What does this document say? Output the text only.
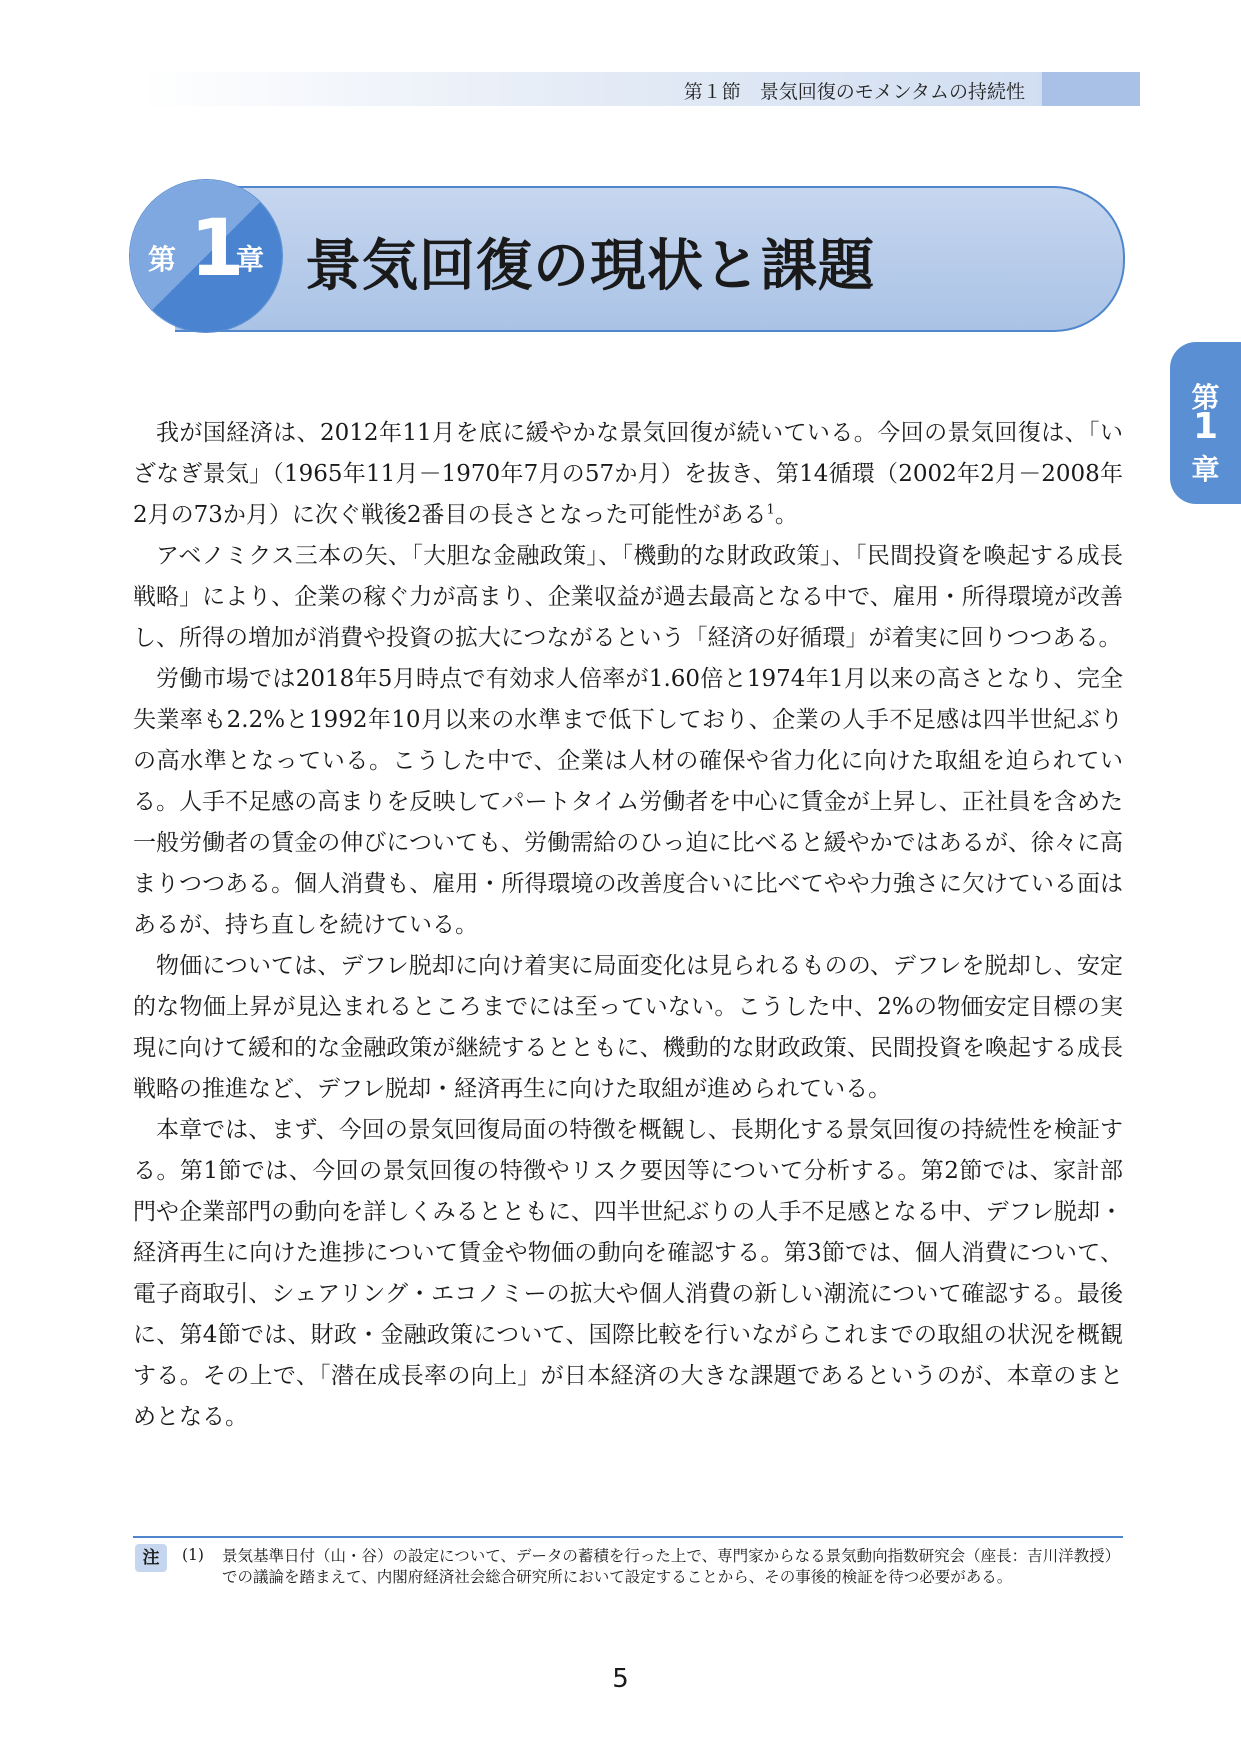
第１節　景気回復のモメンタムの持続性
第 1
章 景気回復の現状と課題
第
1
章

我が国経済は、2012年11月を底に緩やかな景気回復が続いている。今回の景気回復は、「いざなぎ景気」（1965年11月－1970年7月の57か月）を抜き、第14循環（2002年2月－2008年2月の73か月）に次ぐ戦後2番目の長さとなった可能性がある$^1$。

アベノミクス三本の矢、「大胆な金融政策」、「機動的な財政政策」、「民間投資を喚起する成長戦略」により、企業の稼ぐ力が高まり、企業収益が過去最高となる中で、雇用・所得環境が改善し、所得の増加が消費や投資の拡大につながるという「経済の好循環」が着実に回りつつある。

労働市場では2018年5月時点で有効求人倍率が1.60倍と1974年1月以来の高さとなり、完全失業率も2.2%と1992年10月以来の水準まで低下しており、企業の人手不足感は四半世紀ぶりの高水準となっている。こうした中で、企業は人材の確保や省力化に向けた取組を迫られている。人手不足感の高まりを反映してパートタイム労働者を中心に賃金が上昇し、正社員を含めた一般労働者の賃金の伸びについても、労働需給のひっ迫に比べると緩やかではあるが、徐々に高まりつつある。個人消費も、雇用・所得環境の改善度合いに比べてやや力強さに欠けている面はあるが、持ち直しを続けている。

物価については、デフレ脱却に向け着実に局面変化は見られるものの、デフレを脱却し、安定的な物価上昇が見込まれるところまでには至っていない。こうした中、2%の物価安定目標の実現に向けて緩和的な金融政策が継続するとともに、機動的な財政政策、民間投資を喚起する成長戦略の推進など、デフレ脱却・経済再生に向けた取組が進められている。

本章では、まず、今回の景気回復局面の特徴を概観し、長期化する景気回復の持続性を検証する。第1節では、今回の景気回復の特徴やリスク要因等について分析する。第2節では、家計部門や企業部門の動向を詳しくみるとともに、四半世紀ぶりの人手不足感となる中、デフレ脱却・経済再生に向けた進捗について賃金や物価の動向を確認する。第3節では、個人消費について、電子商取引、シェアリング・エコノミーの拡大や個人消費の新しい潮流について確認する。最後に、第4節では、財政・金融政策について、国際比較を行いながらこれまでの取組の状況を概観する。その上で、「潜在成長率の向上」が日本経済の大きな課題であるというのが、本章のまとめとなる。

注	(1) 景気基準日付（山・谷）の設定について、データの蓄積を行った上で、専門家からなる景気動向指数研究会（座長：吉川洋教授）での議論を踏まえて、内閣府経済社会総合研究所において設定することから、その事後的検証を待つ必要がある。
5
